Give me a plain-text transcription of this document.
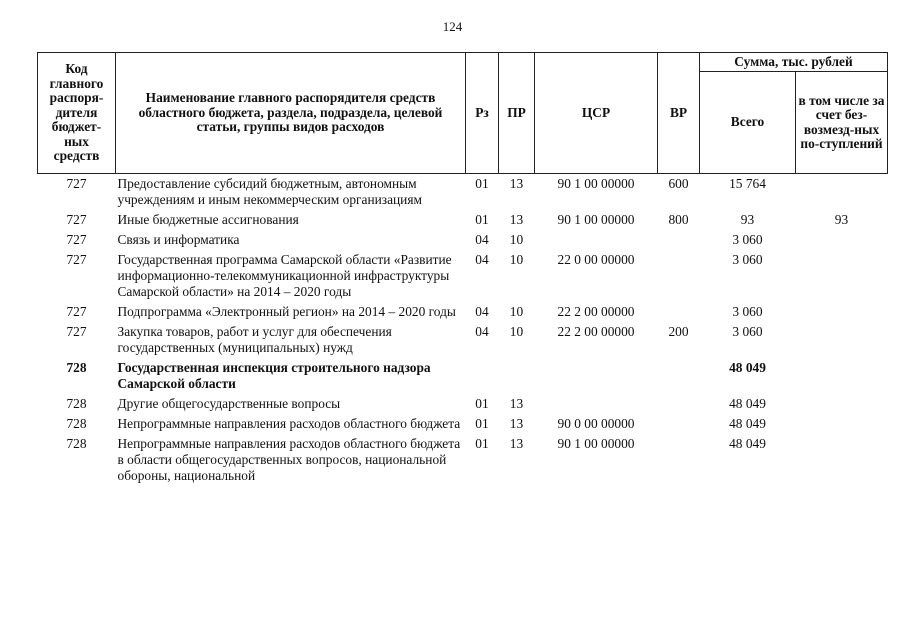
124
Код главного распоря-дителя бюджет-ных средств	Наименование главного распорядителя средств областного бюджета, раздела, подраздела, целевой статьи, группы видов расходов	Рз	ПР	ЦСР	ВР	Сумма, тыс. рублей	
						Всего	в том числе за счет без-возмезд-ных по-ступлений
727	Предоставление субсидий бюджетным, автономным учреждениям и иным некоммерческим организациям	01	13	90 1 00 00000	600	15 764	
727	Иные бюджетные ассигнования	01	13	90 1 00 00000	800	93	93
727	Связь и информатика	04	10			3 060	
727	Государственная программа Самарской области «Развитие информационно-телекоммуникационной инфраструктуры Самарской области» на 2014 – 2020 годы	04	10	22 0 00 00000		3 060	
727	Подпрограмма «Электронный регион» на 2014 – 2020 годы	04	10	22 2 00 00000		3 060	
727	Закупка товаров, работ и услуг для обеспечения государственных (муниципальных) нужд	04	10	22 2 00 00000	200	3 060	
728	Государственная инспекция строительного надзора Самарской области					48 049	
728	Другие общегосударственные вопросы	01	13			48 049	
728	Непрограммные направления расходов областного бюджета	01	13	90 0 00 00000		48 049	
728	Непрограммные направления расходов областного бюджета в области общегосударственных вопросов, национальной обороны, национальной	01	13	90 1 00 00000		48 049	
